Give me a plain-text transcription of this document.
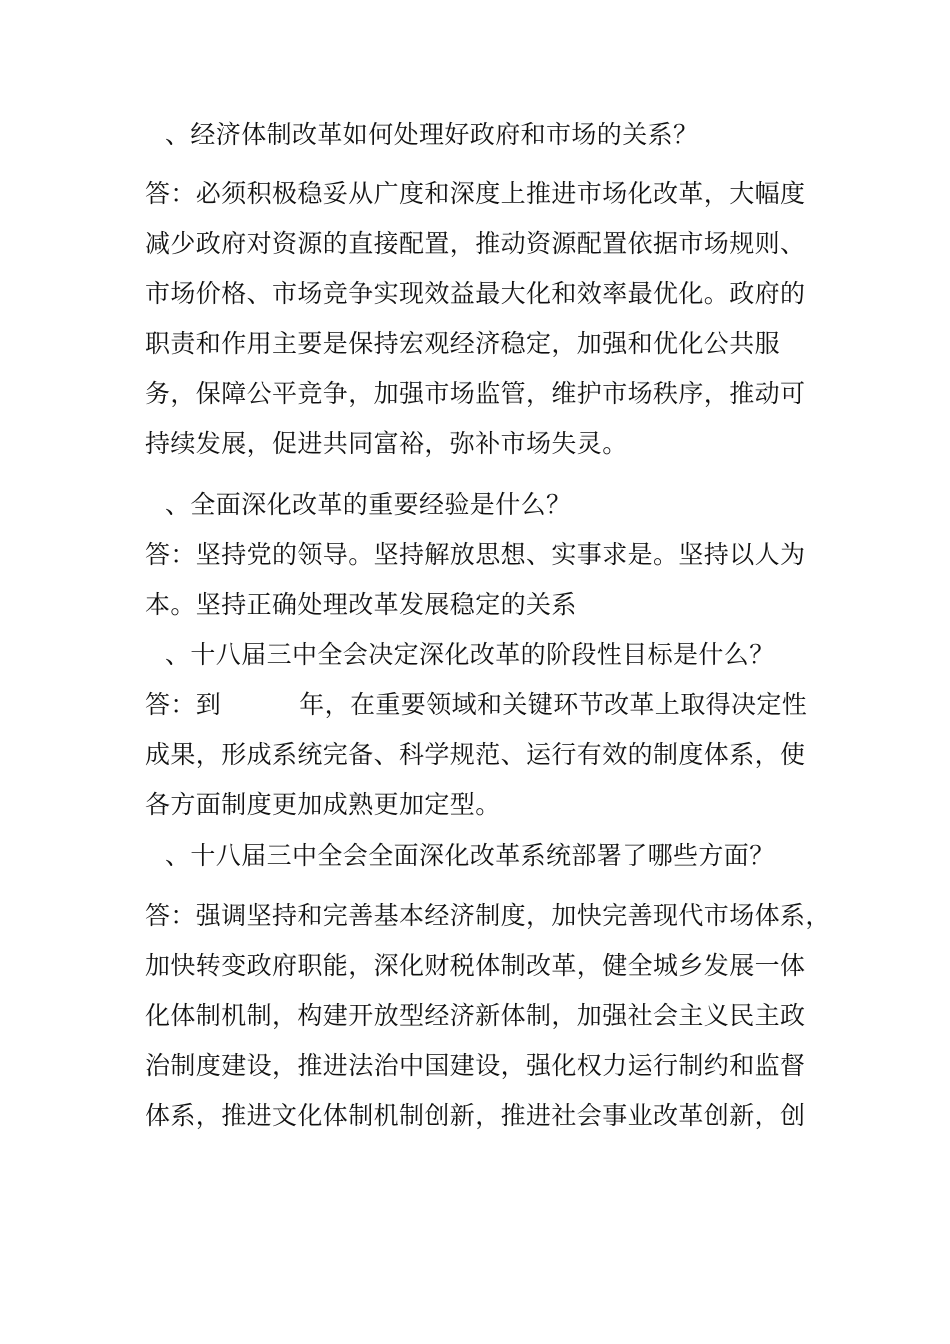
、经济体制改革如何处理好政府和市场的关系？
答：必须积极稳妥从广度和深度上推进市场化改革，大幅度
减少政府对资源的直接配置，推动资源配置依据市场规则、
市场价格、市场竞争实现效益最大化和效率最优化。政府的
职责和作用主要是保持宏观经济稳定，加强和优化公共服
务，保障公平竞争，加强市场监管，维护市场秩序，推动可
持续发展，促进共同富裕，弥补市场失灵。
、全面深化改革的重要经验是什么？
答：坚持党的领导。坚持解放思想、实事求是。坚持以人为
本。坚持正确处理改革发展稳定的关系
、十八届三中全会决定深化改革的阶段性目标是什么？
答：到	年，在重要领域和关键环节改革上取得决定性
成果，形成系统完备、科学规范、运行有效的制度体系，使
各方面制度更加成熟更加定型。
、十八届三中全会全面深化改革系统部署了哪些方面？
答：强调坚持和完善基本经济制度，加快完善现代市场体系，
加快转变政府职能，深化财税体制改革，健全城乡发展一体
化体制机制，构建开放型经济新体制，加强社会主义民主政
治制度建设，推进法治中国建设，强化权力运行制约和监督
体系，推进文化体制机制创新，推进社会事业改革创新，创
